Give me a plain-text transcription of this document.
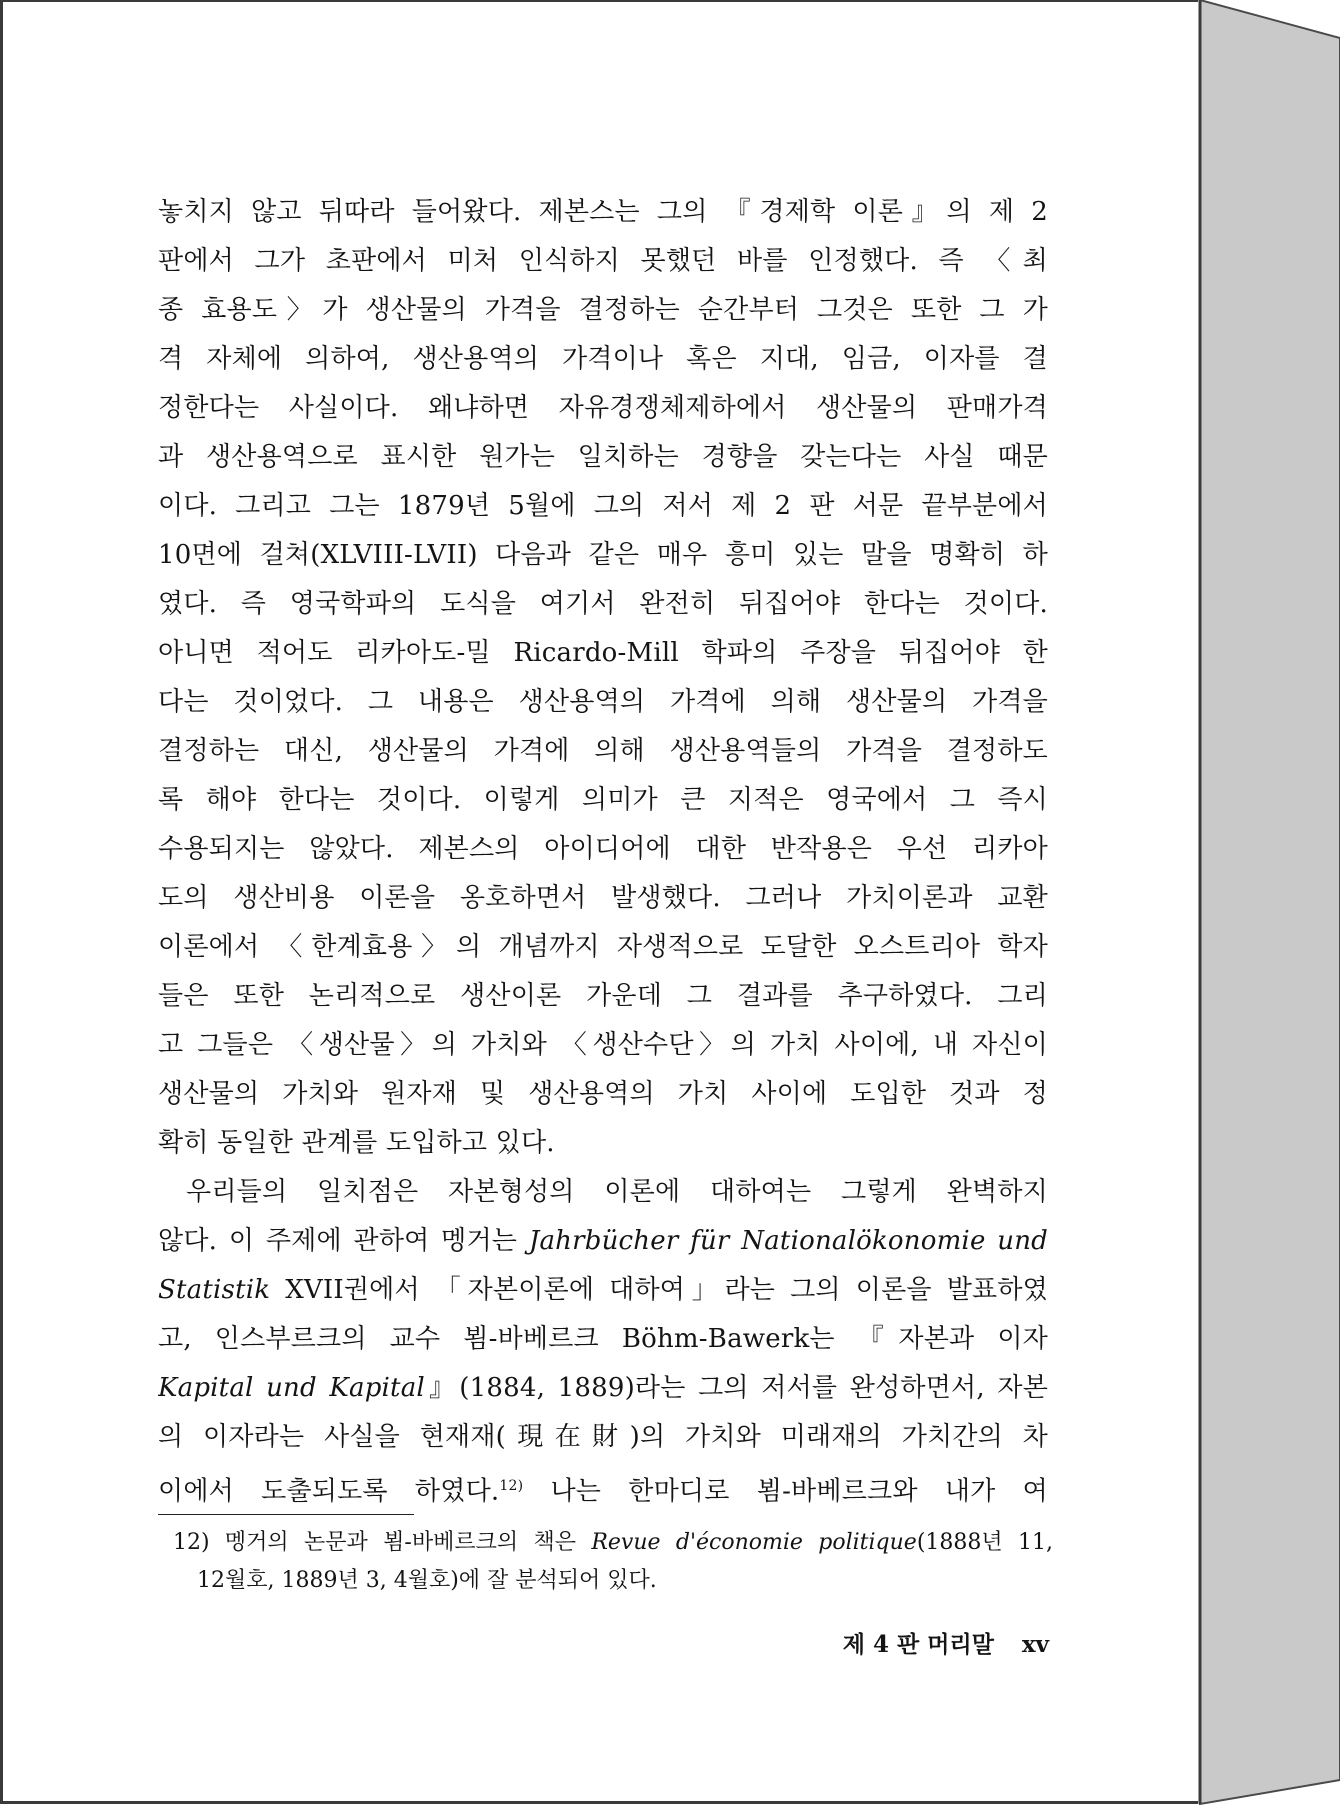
놓치지 않고 뒤따라 들어왔다. 제본스는 그의 『경제학 이론』의 제 2
판에서 그가 초판에서 미처 인식하지 못했던 바를 인정했다. 즉 〈최
종 효용도〉가 생산물의 가격을 결정하는 순간부터 그것은 또한 그 가
격 자체에 의하여, 생산용역의 가격이나 혹은 지대, 임금, 이자를 결
정한다는 사실이다. 왜냐하면 자유경쟁체제하에서 생산물의 판매가격
과 생산용역으로 표시한 원가는 일치하는 경향을 갖는다는 사실 때문
이다. 그리고 그는 1879년 5월에 그의 저서 제 2 판 서문 끝부분에서
10면에 걸쳐(XLVIII-LVII) 다음과 같은 매우 흥미 있는 말을 명확히 하
였다. 즉 영국학파의 도식을 여기서 완전히 뒤집어야 한다는 것이다.
아니면 적어도 리카아도-밀 Ricardo-Mill 학파의 주장을 뒤집어야 한
다는 것이었다. 그 내용은 생산용역의 가격에 의해 생산물의 가격을
결정하는 대신, 생산물의 가격에 의해 생산용역들의 가격을 결정하도
록 해야 한다는 것이다. 이렇게 의미가 큰 지적은 영국에서 그 즉시
수용되지는 않았다. 제본스의 아이디어에 대한 반작용은 우선 리카아
도의 생산비용 이론을 옹호하면서 발생했다. 그러나 가치이론과 교환
이론에서 〈한계효용〉의 개념까지 자생적으로 도달한 오스트리아 학자
들은 또한 논리적으로 생산이론 가운데 그 결과를 추구하였다. 그리
고 그들은 〈생산물〉의 가치와 〈생산수단〉의 가치 사이에, 내 자신이
생산물의 가치와 원자재 및 생산용역의 가치 사이에 도입한 것과 정
확히 동일한 관계를 도입하고 있다.
우리들의 일치점은 자본형성의 이론에 대하여는 그렇게 완벽하지
않다. 이 주제에 관하여 멩거는 Jahrbücher für Nationalökonomie und
Statistik XVII권에서 「자본이론에 대하여」라는 그의 이론을 발표하였
고, 인스부르크의 교수 뵘-바베르크 Böhm-Bawerk는 『자본과 이자
Kapital und Kapital』(1884, 1889)라는 그의 저서를 완성하면서, 자본
의 이자라는 사실을 현재재(現在財)의 가치와 미래재의 가치간의 차
이에서 도출되도록 하였다.$^{12)}$ 나는 한마디로 뵘-바베르크와 내가 여
12) 멩거의 논문과 뵘-바베르크의 책은 Revue d'économie politique(1888년 11,
12월호, 1889년 3, 4월호)에 잘 분석되어 있다.
제 4 판 머리말 xv
